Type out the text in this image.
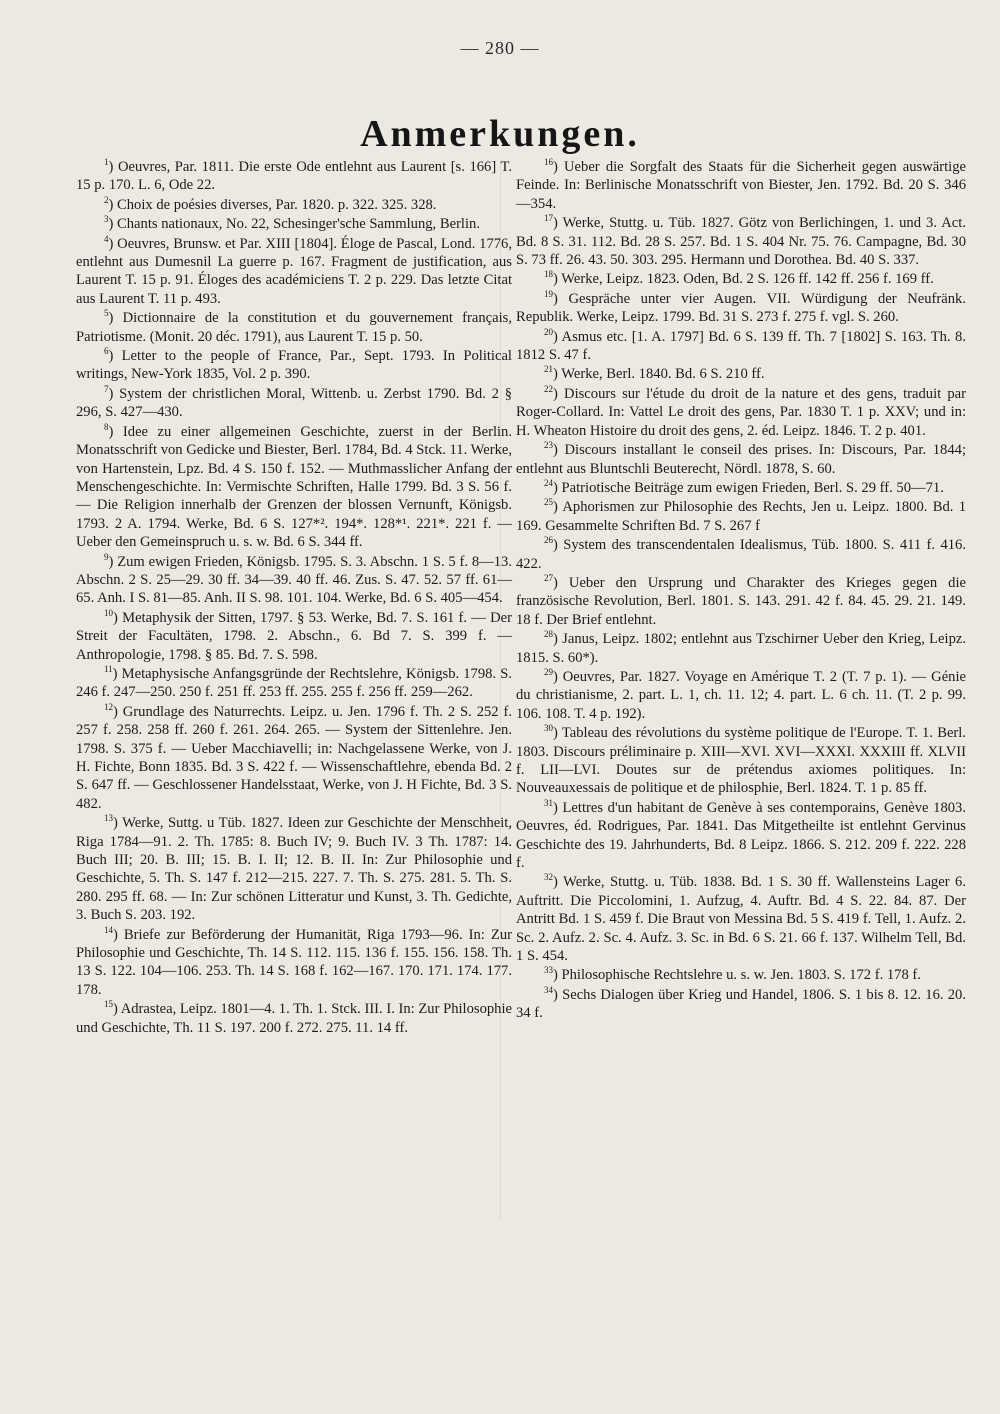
— 280 —
Anmerkungen.

$^1$) Oeuvres, Par. 1811. Die erste Ode entlehnt aus Laurent [s. 166] T. 15 p. 170. L. 6, Ode 22.

$^2$) Choix de poésies diverses, Par. 1820. p. 322. 325. 328.

$^3$) Chants nationaux, No. 22, Schesinger'sche Sammlung, Berlin.

$^4$) Oeuvres, Brunsw. et Par. XIII [1804]. Éloge de Pascal, Lond. 1776, entlehnt aus Dumesnil La guerre p. 167. Fragment de justification, aus Laurent T. 15 p. 91. Éloges des académiciens T. 2 p. 229. Das letzte Citat aus Laurent T. 11 p. 493.

$^5$) Dictionnaire de la constitution et du gouvernement français, Patriotisme. (Monit. 20 déc. 1791), aus Laurent T. 15 p. 50.

$^6$) Letter to the people of France, Par., Sept. 1793. In Political writings, New-York 1835, Vol. 2 p. 390.

$^7$) System der christlichen Moral, Wittenb. u. Zerbst 1790. Bd. 2 § 296, S. 427—430.

$^8$) Idee zu einer allgemeinen Geschichte, zuerst in der Berlin. Monatsschrift von Gedicke und Biester, Berl. 1784, Bd. 4 Stck. 11. Werke, von Hartenstein, Lpz. Bd. 4 S. 150 f. 152. — Muthmasslicher Anfang der Menschengeschichte. In: Vermischte Schriften, Halle 1799. Bd. 3 S. 56 f. — Die Religion innerhalb der Grenzen der blossen Vernunft, Königsb. 1793. 2 A. 1794. Werke, Bd. 6 S. 127*². 194*. 128*¹. 221*. 221 f. — Ueber den Gemeinspruch u. s. w. Bd. 6 S. 344 ff.

$^9$) Zum ewigen Frieden, Königsb. 1795. S. 3. Abschn. 1 S. 5 f. 8—13. Abschn. 2 S. 25—29. 30 ff. 34—39. 40 ff. 46. Zus. S. 47. 52. 57 ff. 61—65. Anh. I S. 81—85. Anh. II S. 98. 101. 104. Werke, Bd. 6 S. 405—454.

$^{10}$) Metaphysik der Sitten, 1797. § 53. Werke, Bd. 7. S. 161 f. — Der Streit der Facultäten, 1798. 2. Abschn., 6. Bd 7. S. 399 f. — Anthropologie, 1798. § 85. Bd. 7. S. 598.

$^{11}$) Metaphysische Anfangsgründe der Rechtslehre, Königsb. 1798. S. 246 f. 247—250. 250 f. 251 ff. 253 ff. 255. 255 f. 256 ff. 259—262.

$^{12}$) Grundlage des Naturrechts. Leipz. u. Jen. 1796 f. Th. 2 S. 252 f. 257 f. 258. 258 ff. 260 f. 261. 264. 265. — System der Sittenlehre. Jen. 1798. S. 375 f. — Ueber Macchiavelli; in: Nachgelassene Werke, von J. H. Fichte, Bonn 1835. Bd. 3 S. 422 f. — Wissenschaftlehre, ebenda Bd. 2 S. 647 ff. — Geschlossener Handelsstaat, Werke, von J. H Fichte, Bd. 3 S. 482.

$^{13}$) Werke, Suttg. u Tüb. 1827. Ideen zur Geschichte der Menschheit, Riga 1784—91. 2. Th. 1785: 8. Buch IV; 9. Buch IV. 3 Th. 1787: 14. Buch III; 20. B. III; 15. B. I. II; 12. B. II. In: Zur Philosophie und Geschichte, 5. Th. S. 147 f. 212—215. 227. 7. Th. S. 275. 281. 5. Th. S. 280. 295 ff. 68. — In: Zur schönen Litteratur und Kunst, 3. Th. Gedichte, 3. Buch S. 203. 192.

$^{14}$) Briefe zur Beförderung der Humanität, Riga 1793—96. In: Zur Philosophie und Geschichte, Th. 14 S. 112. 115. 136 f. 155. 156. 158. Th. 13 S. 122. 104—106. 253. Th. 14 S. 168 f. 162—167. 170. 171. 174. 177. 178.

$^{15}$) Adrastea, Leipz. 1801—4. 1. Th. 1. Stck. III. I. In: Zur Philosophie und Geschichte, Th. 11 S. 197. 200 f. 272. 275. 11. 14 ff.

$^{16}$) Ueber die Sorgfalt des Staats für die Sicherheit gegen auswärtige Feinde. In: Berlinische Monatsschrift von Biester, Jen. 1792. Bd. 20 S. 346—354.

$^{17}$) Werke, Stuttg. u. Tüb. 1827. Götz von Berlichingen, 1. und 3. Act. Bd. 8 S. 31. 112. Bd. 28 S. 257. Bd. 1 S. 404 Nr. 75. 76. Campagne, Bd. 30 S. 73 ff. 26. 43. 50. 303. 295. Hermann und Dorothea. Bd. 40 S. 337.

$^{18}$) Werke, Leipz. 1823. Oden, Bd. 2 S. 126 ff. 142 ff. 256 f. 169 ff.

$^{19}$) Gespräche unter vier Augen. VII. Würdigung der Neufränk. Republik. Werke, Leipz. 1799. Bd. 31 S. 273 f. 275 f. vgl. S. 260.

$^{20}$) Asmus etc. [1. A. 1797] Bd. 6 S. 139 ff. Th. 7 [1802] S. 163. Th. 8. 1812 S. 47 f.

$^{21}$) Werke, Berl. 1840. Bd. 6 S. 210 ff.

$^{22}$) Discours sur l'étude du droit de la nature et des gens, traduit par Roger-Collard. In: Vattel Le droit des gens, Par. 1830 T. 1 p. XXV; und in: H. Wheaton Histoire du droit des gens, 2. éd. Leipz. 1846. T. 2 p. 401.

$^{23}$) Discours installant le conseil des prises. In: Discours, Par. 1844; entlehnt aus Bluntschli Beuterecht, Nördl. 1878, S. 60.

$^{24}$) Patriotische Beiträge zum ewigen Frieden, Berl. S. 29 ff. 50—71.

$^{25}$) Aphorismen zur Philosophie des Rechts, Jen u. Leipz. 1800. Bd. 1 169. Gesammelte Schriften Bd. 7 S. 267 f

$^{26}$) System des transcendentalen Idealismus, Tüb. 1800. S. 411 f. 416. 422.

$^{27}$) Ueber den Ursprung und Charakter des Krieges gegen die französische Revolution, Berl. 1801. S. 143. 291. 42 f. 84. 45. 29. 21. 149. 18 f. Der Brief entlehnt.

$^{28}$) Janus, Leipz. 1802; entlehnt aus Tzschirner Ueber den Krieg, Leipz. 1815. S. 60*).

$^{29}$) Oeuvres, Par. 1827. Voyage en Amérique T. 2 (T. 7 p. 1). — Génie du christianisme, 2. part. L. 1, ch. 11. 12; 4. part. L. 6 ch. 11. (T. 2 p. 99. 106. 108. T. 4 p. 192).

$^{30}$) Tableau des révolutions du système politique de l'Europe. T. 1. Berl. 1803. Discours préliminaire p. XIII—XVI. XVI—XXXI. XXXIII ff. XLVII f. LII—LVI. Doutes sur de prétendus axiomes politiques. In: Nouveauxessais de politique et de philosphie, Berl. 1824. T. 1 p. 85 ff.

$^{31}$) Lettres d'un habitant de Genève à ses contemporains, Genève 1803. Oeuvres, éd. Rodrigues, Par. 1841. Das Mitgetheilte ist entlehnt Gervinus Geschichte des 19. Jahrhunderts, Bd. 8 Leipz. 1866. S. 212. 209 f. 222. 228 f.

$^{32}$) Werke, Stuttg. u. Tüb. 1838. Bd. 1 S. 30 ff. Wallensteins Lager 6. Auftritt. Die Piccolomini, 1. Aufzug, 4. Auftr. Bd. 4 S. 22. 84. 87. Der Antritt Bd. 1 S. 459 f. Die Braut von Messina Bd. 5 S. 419 f. Tell, 1. Aufz. 2. Sc. 2. Aufz. 2. Sc. 4. Aufz. 3. Sc. in Bd. 6 S. 21. 66 f. 137. Wilhelm Tell, Bd. 1 S. 454.

$^{33}$) Philosophische Rechtslehre u. s. w. Jen. 1803. S. 172 f. 178 f.

$^{34}$) Sechs Dialogen über Krieg und Handel, 1806. S. 1 bis 8. 12. 16. 20. 34 f.
